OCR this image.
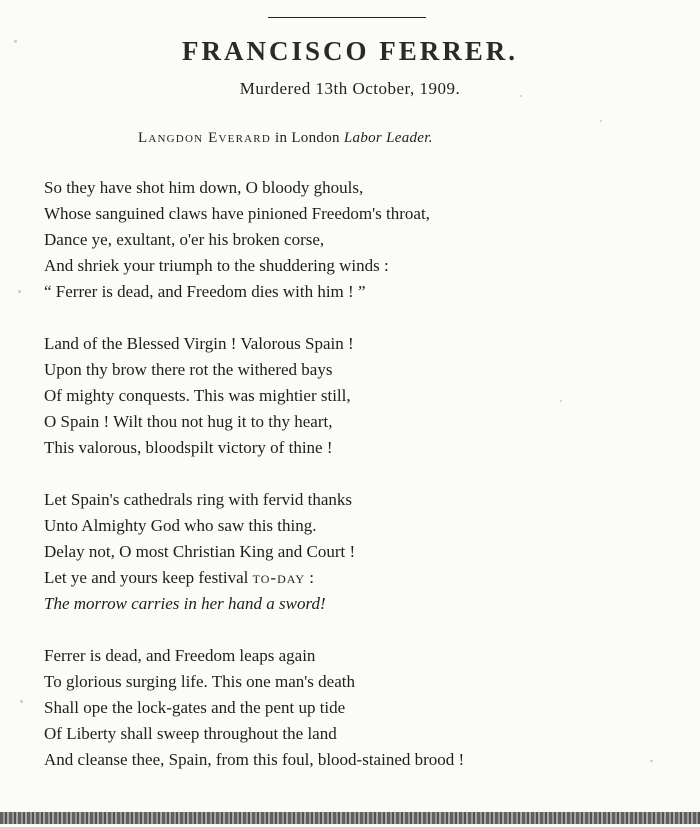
FRANCISCO FERRER.
Murdered 13th October, 1909.
Langdon Everard in London Labor Leader.
So they have shot him down, O bloody ghouls,
Whose sanguined claws have pinioned Freedom's throat,
Dance ye, exultant, o'er his broken corse,
And shriek your triumph to the shuddering winds :
“ Ferrer is dead, and Freedom dies with him ! ”
Land of the Blessed Virgin ! Valorous Spain !
Upon thy brow there rot the withered bays
Of mighty conquests. This was mightier still,
O Spain ! Wilt thou not hug it to thy heart,
This valorous, bloodspilt victory of thine !
Let Spain's cathedrals ring with fervid thanks
Unto Almighty God who saw this thing.
Delay not, O most Christian King and Court !
Let ye and yours keep festival to-day :
The morrow carries in her hand a sword!
Ferrer is dead, and Freedom leaps again
To glorious surging life. This one man's death
Shall ope the lock-gates and the pent up tide
Of Liberty shall sweep throughout the land
And cleanse thee, Spain, from this foul, blood-stained brood !
